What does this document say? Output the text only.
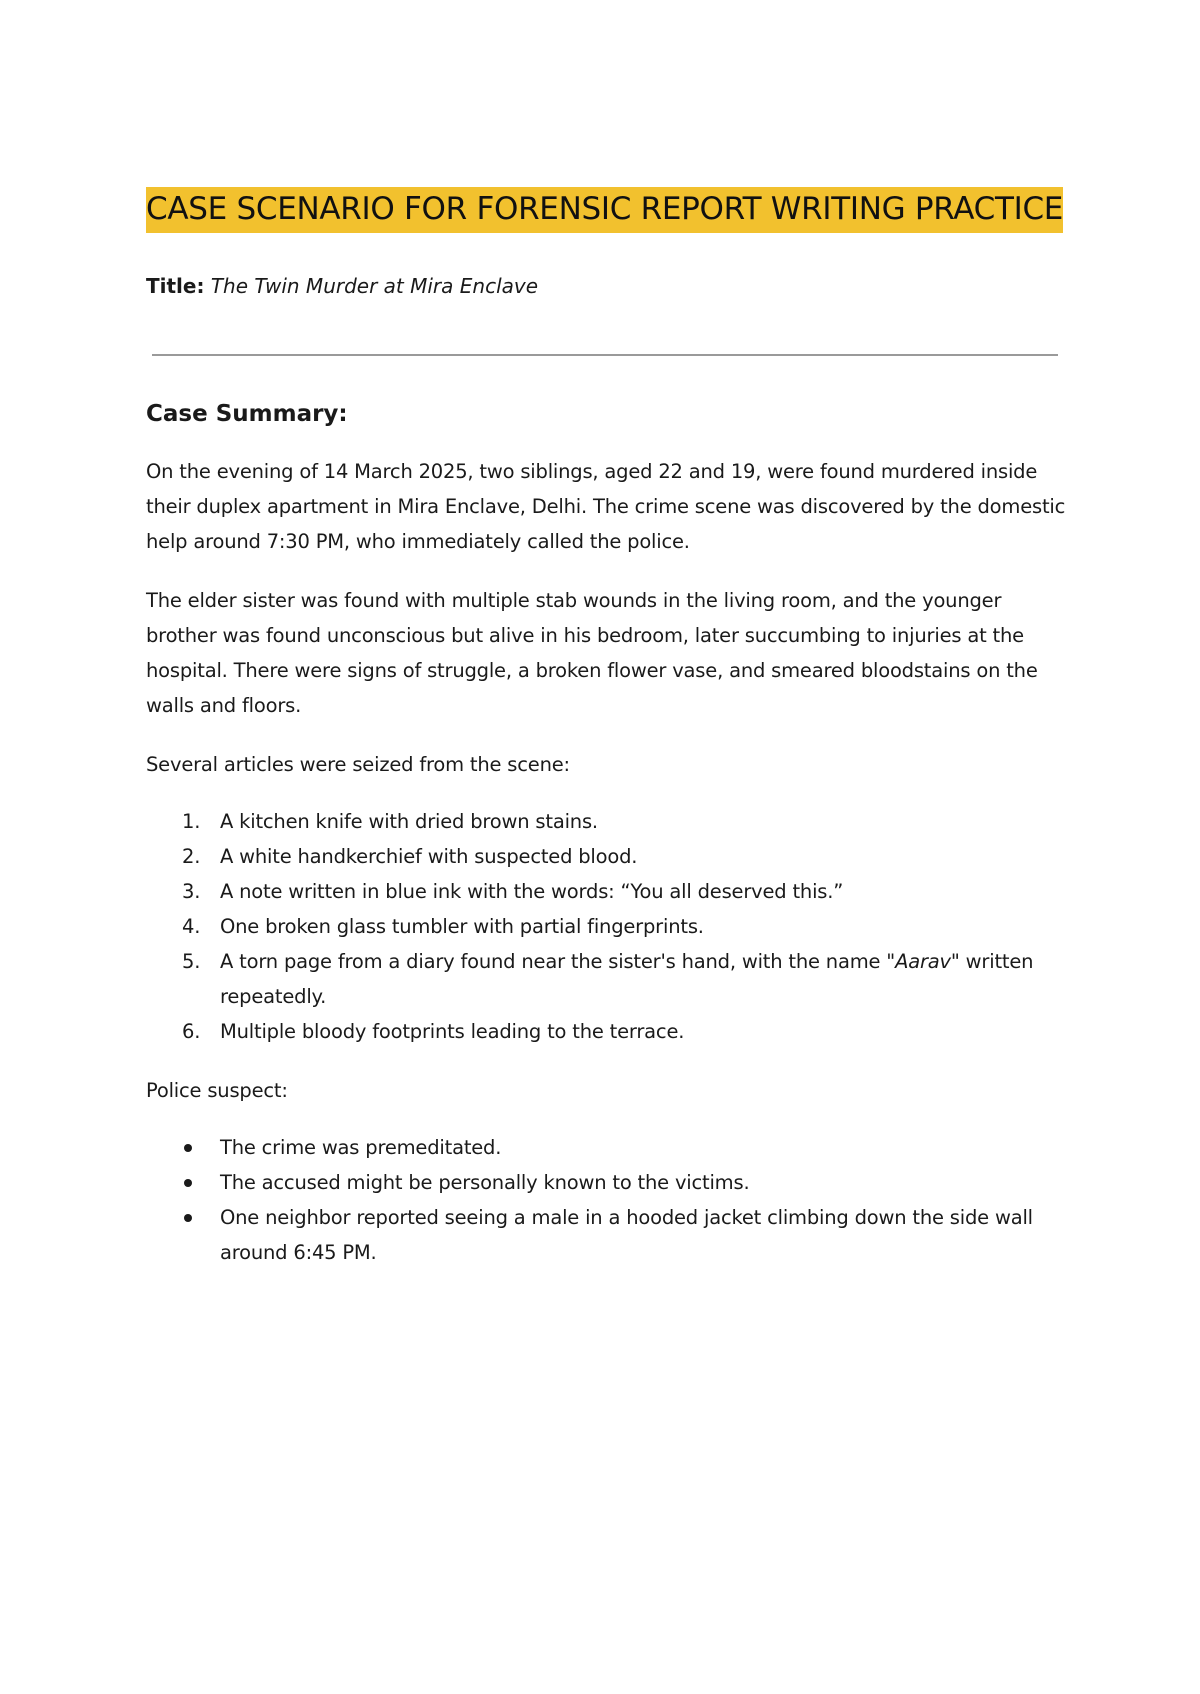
CASE SCENARIO FOR FORENSIC REPORT WRITING PRACTICE
Title: The Twin Murder at Mira Enclave
Case Summary:

On the evening of 14 March 2025, two siblings, aged 22 and 19, were found murdered inside their duplex apartment in Mira Enclave, Delhi. The crime scene was discovered by the domestic help around 7:30 PM, who immediately called the police.

The elder sister was found with multiple stab wounds in the living room, and the younger brother was found unconscious but alive in his bedroom, later succumbing to injuries at the hospital. There were signs of struggle, a broken flower vase, and smeared bloodstains on the walls and floors.

Several articles were seized from the scene:

1. A kitchen knife with dried brown stains.
2. A white handkerchief with suspected blood.
3. A note written in blue ink with the words: “You all deserved this.”
4. One broken glass tumbler with partial fingerprints.
5. A torn page from a diary found near the sister's hand, with the name "Aarav" written repeatedly.
6. Multiple bloody footprints leading to the terrace.

Police suspect:

The crime was premeditated.
The accused might be personally known to the victims.
One neighbor reported seeing a male in a hooded jacket climbing down the side wall around 6:45 PM.
